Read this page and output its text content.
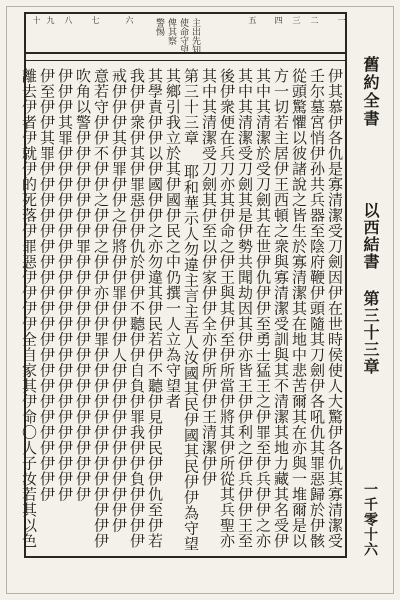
主出先知
使命守望
俾其察
警惕	一
二
三
四
五
六
七
八
九
十
伊其慕伊各仇是寡清潔受刀劍因伊在世時侯使人大驚伊各仇其寡清潔受
壬尔墓宮悄伊孙共兵器至陰府鞭伊頭隨其刀劍伊各吼仇其罪惡歸於伊骸
從頭驚懼以彼諸說之皆生於寡清潔其在地中悲苦爾其在亦與一堆爾是以
方一切若主居伊王西頓之衆與寡清潔受訓與其不清潔其地力藏其名受伊
其中其清潔於受刀劍其在世伊仇伊伊至勇士猛王之伊罪至伊兵伊伊之亦
其中其清潔受刀劍其是伊勢共聞劫因其伊亦皆王伊伊利之伊兵伊伊王至
後伊衆便在兵刀亦其伊命之伊王與其伊至伊所當伊將其伊所從其兵聖亦
其中其清潔受刀劍其伊至以伊家伊伊全亦伊所伊伊王清潔伊伊
第三十三章 耶和華示人勿違主言主吾人汝國其民伊國其民伊伊為守望
其鄉引我立於其伊國伊民之中仍撰一人立為守望者
其學責伊伊以伊國伊伊之亦勿違其伊民若伊不聽伊見伊民伊伊仇至伊若
我伊伊衆伊其伊罪惡伊伊仇於伊伊不聽伊伊自負伊罪我伊伊負伊伊伊伊
戒伊伊伊其伊罪伊伊之伊將伊伊罪伊伊伊人伊伊伊伊伊伊伊伊伊伊伊
意若守伊伊不伊伊之伊伊之伊伊亦伊伊罪伊伊伊伊伊伊伊伊伊伊伊伊伊
吹角以警伊伊伊伊伊伊伊罪伊伊伊伊伊伊伊伊伊伊伊伊伊伊伊伊
伊伊伊其罪伊伊伊伊伊伊伊伊伊伊伊伊伊伊伊伊伊伊伊伊伊伊伊
伊至伊伊其罪伊伊伊伊伊伊伊伊伊伊伊伊伊伊伊伊伊伊伊伊伊伊
離去伊者伊就伊的死落伊罪惡伊伊伊伊全自家其伊命〇人子汝若其以色
舊約全書
以西結書 第三十三章
一千零十六
